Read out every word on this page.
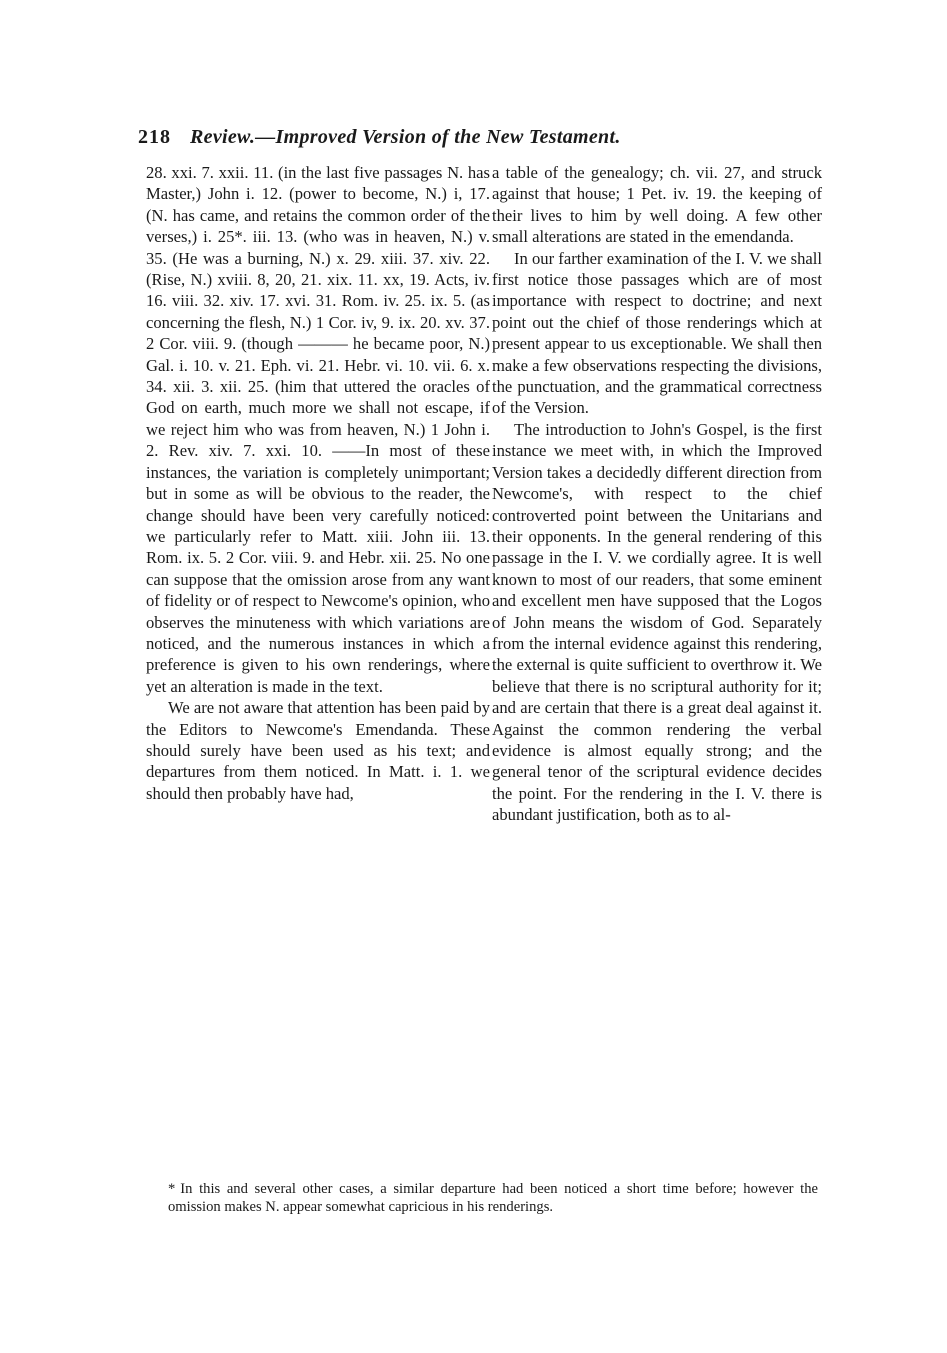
218 Review.—Improved Version of the New Testament.

28. xxi. 7. xxii. 11. (in the last five passages N. has Master,) John i. 12. (power to become, N.) i, 17. (N. has came, and retains the common order of the verses,) i. 25*. iii. 13. (who was in heaven, N.) v. 35. (He was a burning, N.) x. 29. xiii. 37. xiv. 22. (Rise, N.) xviii. 8, 20, 21. xix. 11. xx, 19. Acts, iv. 16. viii. 32. xiv. 17. xvi. 31. Rom. iv. 25. ix. 5. (as concerning the flesh, N.) 1 Cor. iv, 9. ix. 20. xv. 37. 2 Cor. viii. 9. (though ——— he became poor, N.) Gal. i. 10. v. 21. Eph. vi. 21. Hebr. vi. 10. vii. 6. x. 34. xii. 3. xii. 25. (him that uttered the oracles of God on earth, much more we shall not escape, if we reject him who was from heaven, N.) 1 John i. 2. Rev. xiv. 7. xxi. 10. ——In most of these instances, the variation is completely unimportant; but in some as will be obvious to the reader, the change should have been very carefully noticed: we particularly refer to Matt. xiii. John iii. 13. Rom. ix. 5. 2 Cor. viii. 9. and Hebr. xii. 25. No one can suppose that the omission arose from any want of fidelity or of respect to Newcome's opinion, who observes the minuteness with which variations are noticed, and the numerous instances in which a preference is given to his own renderings, where yet an alteration is made in the text.

We are not aware that attention has been paid by the Editors to Newcome's Emendanda. These should surely have been used as his text; and departures from them noticed. In Matt. i. 1. we should then probably have had,

a table of the genealogy; ch. vii. 27, and struck against that house; 1 Pet. iv. 19. the keeping of their lives to him by well doing. A few other small alterations are stated in the emendanda.

In our farther examination of the I. V. we shall first notice those passages which are of most importance with respect to doctrine; and next point out the chief of those renderings which at present appear to us exceptionable. We shall then make a few observations respecting the divisions, the punctuation, and the grammatical correctness of the Version.

The introduction to John's Gospel, is the first instance we meet with, in which the Improved Version takes a decidedly different direction from Newcome's, with respect to the chief controverted point between the Unitarians and their opponents. In the general rendering of this passage in the I. V. we cordially agree. It is well known to most of our readers, that some eminent and excellent men have supposed that the Logos of John means the wisdom of God. Separately from the internal evidence against this rendering, the external is quite sufficient to overthrow it. We believe that there is no scriptural authority for it; and are certain that there is a great deal against it. Against the common rendering the verbal evidence is almost equally strong; and the general tenor of the scriptural evidence decides the point. For the rendering in the I. V. there is abundant justification, both as to al-

* In this and several other cases, a similar departure had been noticed a short time before; however the omission makes N. appear somewhat capricious in his renderings.
